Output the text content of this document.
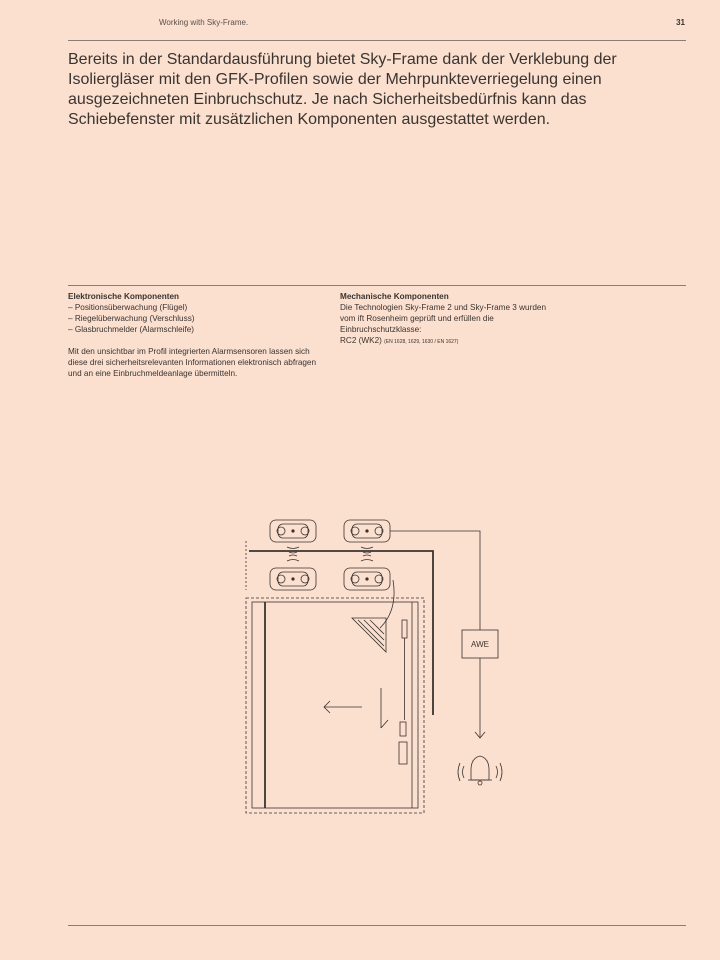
Working with Sky-Frame.	31
Bereits in der Standardausführung bietet Sky-Frame dank der Verklebung der Isoliergläser mit den GFK-Profilen sowie der Mehrpunkteverriegelung einen ausgezeichneten Einbruchschutz. Je nach Sicherheitsbedürfnis kann das Schiebefenster mit zusätzlichen Komponenten ausgestattet werden.
Elektronische Komponenten
– Positionsüberwachung (Flügel)
– Riegelüberwachung (Verschluss)
– Glasbruchmelder (Alarmschleife)

Mit den unsichtbar im Profil integrierten Alarmsensoren lassen sich diese drei sicherheitsrelevanten Informationen elektronisch abfragen und an eine Einbruchmeldeanlage übermitteln.

Mechanische Komponenten

Die Technologien Sky-Frame 2 und Sky-Frame 3 wurden vom ift Rosenheim geprüft und erfüllen die Einbruchschutzklasse:

RC2 (WK2) (EN 1628, 1629, 1630 / EN 1627)

AWE
